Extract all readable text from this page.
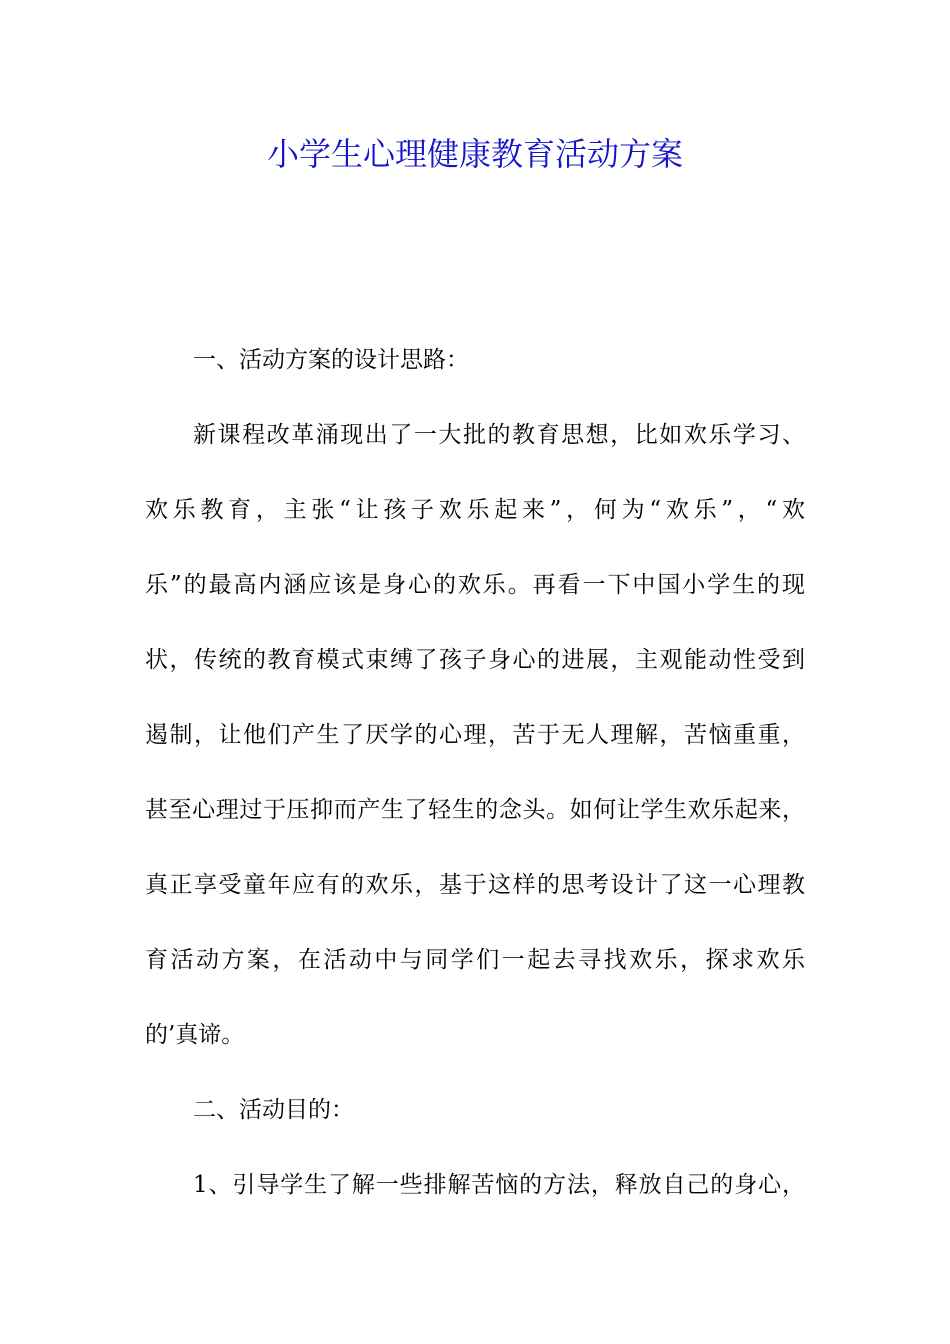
小学生心理健康教育活动方案
一、活动方案的设计思路：
新课程改革涌现出了一大批的教育思想，比如欢乐学习、
欢乐教育，主张“让孩子欢乐起来”，何为“欢乐”，“欢
乐”的最高内涵应该是身心的欢乐。再看一下中国小学生的现
状，传统的教育模式束缚了孩子身心的进展，主观能动性受到
遏制，让他们产生了厌学的心理，苦于无人理解，苦恼重重，
甚至心理过于压抑而产生了轻生的念头。如何让学生欢乐起来，
真正享受童年应有的欢乐，基于这样的思考设计了这一心理教
育活动方案，在活动中与同学们一起去寻找欢乐，探求欢乐
的’真谛。
二、活动目的：
1、引导学生了解一些排解苦恼的方法，释放自己的身心，
